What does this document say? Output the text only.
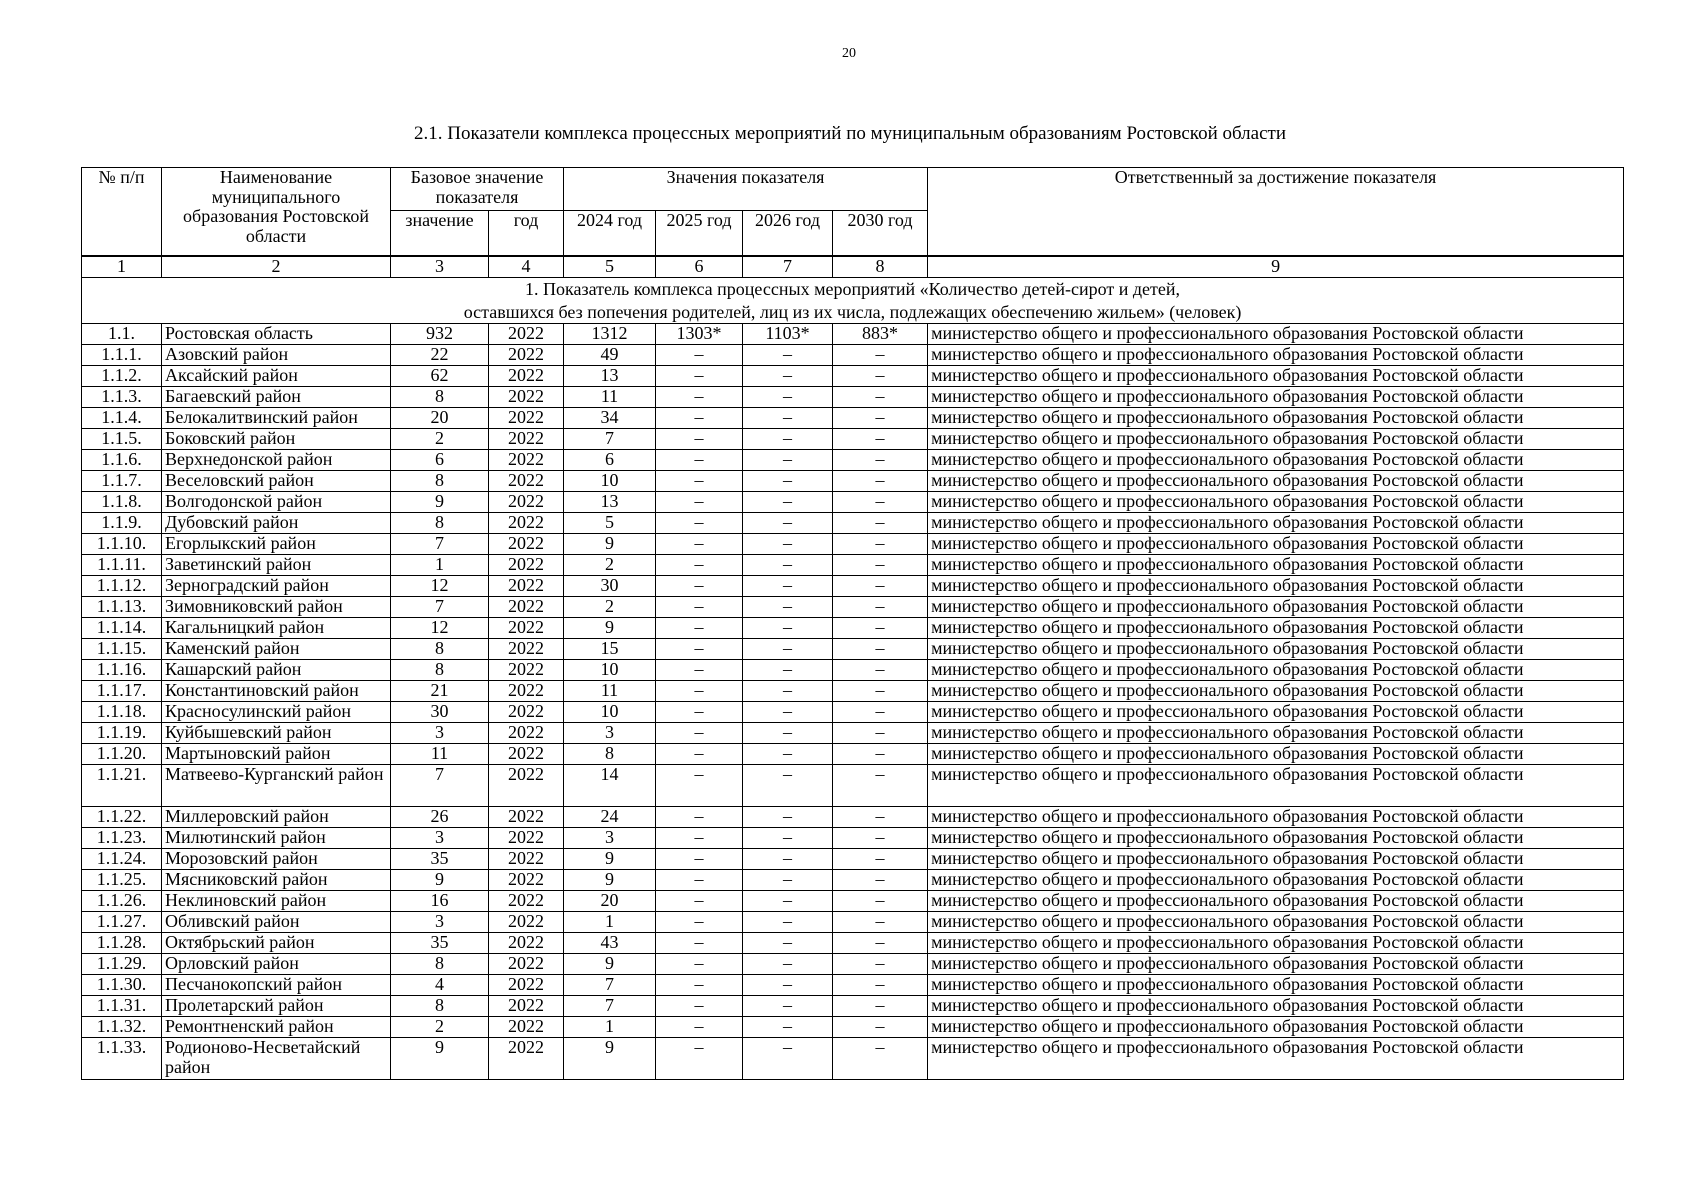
20
2.1. Показатели комплекса процессных мероприятий по муниципальным образованиям Ростовской области
№ п/п	Наименование муниципального образования Ростовской области	Базовое значение показателя		Значения показателя				Ответственный за достижение показателя
		значение	год	2024 год	2025 год	2026 год	2030 год	
1	2	3	4	5	6	7	8	9

1. Показатель комплекса процессных мероприятий «Количество детей-сирот и детей,
оставшихся без попечения родителей, лиц из их числа, подлежащих обеспечению жильем» (человек)								

1.1.	Ростовская область	932	2022	1312	1303*	1103*	883*	министерство общего и профессионального образования Ростовской области
1.1.1.	Азовский район	22	2022	49	–	–	–	министерство общего и профессионального образования Ростовской области
1.1.2.	Аксайский район	62	2022	13	–	–	–	министерство общего и профессионального образования Ростовской области
1.1.3.	Багаевский район	8	2022	11	–	–	–	министерство общего и профессионального образования Ростовской области
1.1.4.	Белокалитвинский район	20	2022	34	–	–	–	министерство общего и профессионального образования Ростовской области
1.1.5.	Боковский район	2	2022	7	–	–	–	министерство общего и профессионального образования Ростовской области
1.1.6.	Верхнедонской район	6	2022	6	–	–	–	министерство общего и профессионального образования Ростовской области
1.1.7.	Веселовский район	8	2022	10	–	–	–	министерство общего и профессионального образования Ростовской области
1.1.8.	Волгодонской район	9	2022	13	–	–	–	министерство общего и профессионального образования Ростовской области
1.1.9.	Дубовский район	8	2022	5	–	–	–	министерство общего и профессионального образования Ростовской области
1.1.10.	Егорлыкский район	7	2022	9	–	–	–	министерство общего и профессионального образования Ростовской области
1.1.11.	Заветинский район	1	2022	2	–	–	–	министерство общего и профессионального образования Ростовской области
1.1.12.	Зерноградский район	12	2022	30	–	–	–	министерство общего и профессионального образования Ростовской области
1.1.13.	Зимовниковский район	7	2022	2	–	–	–	министерство общего и профессионального образования Ростовской области
1.1.14.	Кагальницкий район	12	2022	9	–	–	–	министерство общего и профессионального образования Ростовской области
1.1.15.	Каменский район	8	2022	15	–	–	–	министерство общего и профессионального образования Ростовской области
1.1.16.	Кашарский район	8	2022	10	–	–	–	министерство общего и профессионального образования Ростовской области
1.1.17.	Константиновский район	21	2022	11	–	–	–	министерство общего и профессионального образования Ростовской области
1.1.18.	Красносулинский район	30	2022	10	–	–	–	министерство общего и профессионального образования Ростовской области
1.1.19.	Куйбышевский район	3	2022	3	–	–	–	министерство общего и профессионального образования Ростовской области
1.1.20.	Мартыновский район	11	2022	8	–	–	–	министерство общего и профессионального образования Ростовской области
1.1.21.	Матвеево-Курганский район	7	2022	14	–	–	–	министерство общего и профессионального образования Ростовской области
1.1.22.	Миллеровский район	26	2022	24	–	–	–	министерство общего и профессионального образования Ростовской области
1.1.23.	Милютинский район	3	2022	3	–	–	–	министерство общего и профессионального образования Ростовской области
1.1.24.	Морозовский район	35	2022	9	–	–	–	министерство общего и профессионального образования Ростовской области
1.1.25.	Мясниковский район	9	2022	9	–	–	–	министерство общего и профессионального образования Ростовской области
1.1.26.	Неклиновский район	16	2022	20	–	–	–	министерство общего и профессионального образования Ростовской области
1.1.27.	Обливский район	3	2022	1	–	–	–	министерство общего и профессионального образования Ростовской области
1.1.28.	Октябрьский район	35	2022	43	–	–	–	министерство общего и профессионального образования Ростовской области
1.1.29.	Орловский район	8	2022	9	–	–	–	министерство общего и профессионального образования Ростовской области
1.1.30.	Песчанокопский район	4	2022	7	–	–	–	министерство общего и профессионального образования Ростовской области
1.1.31.	Пролетарский район	8	2022	7	–	–	–	министерство общего и профессионального образования Ростовской области
1.1.32.	Ремонтненский район	2	2022	1	–	–	–	министерство общего и профессионального образования Ростовской области
1.1.33.	Родионово-Несветайский район	9	2022	9	–	–	–	министерство общего и профессионального образования Ростовской области
